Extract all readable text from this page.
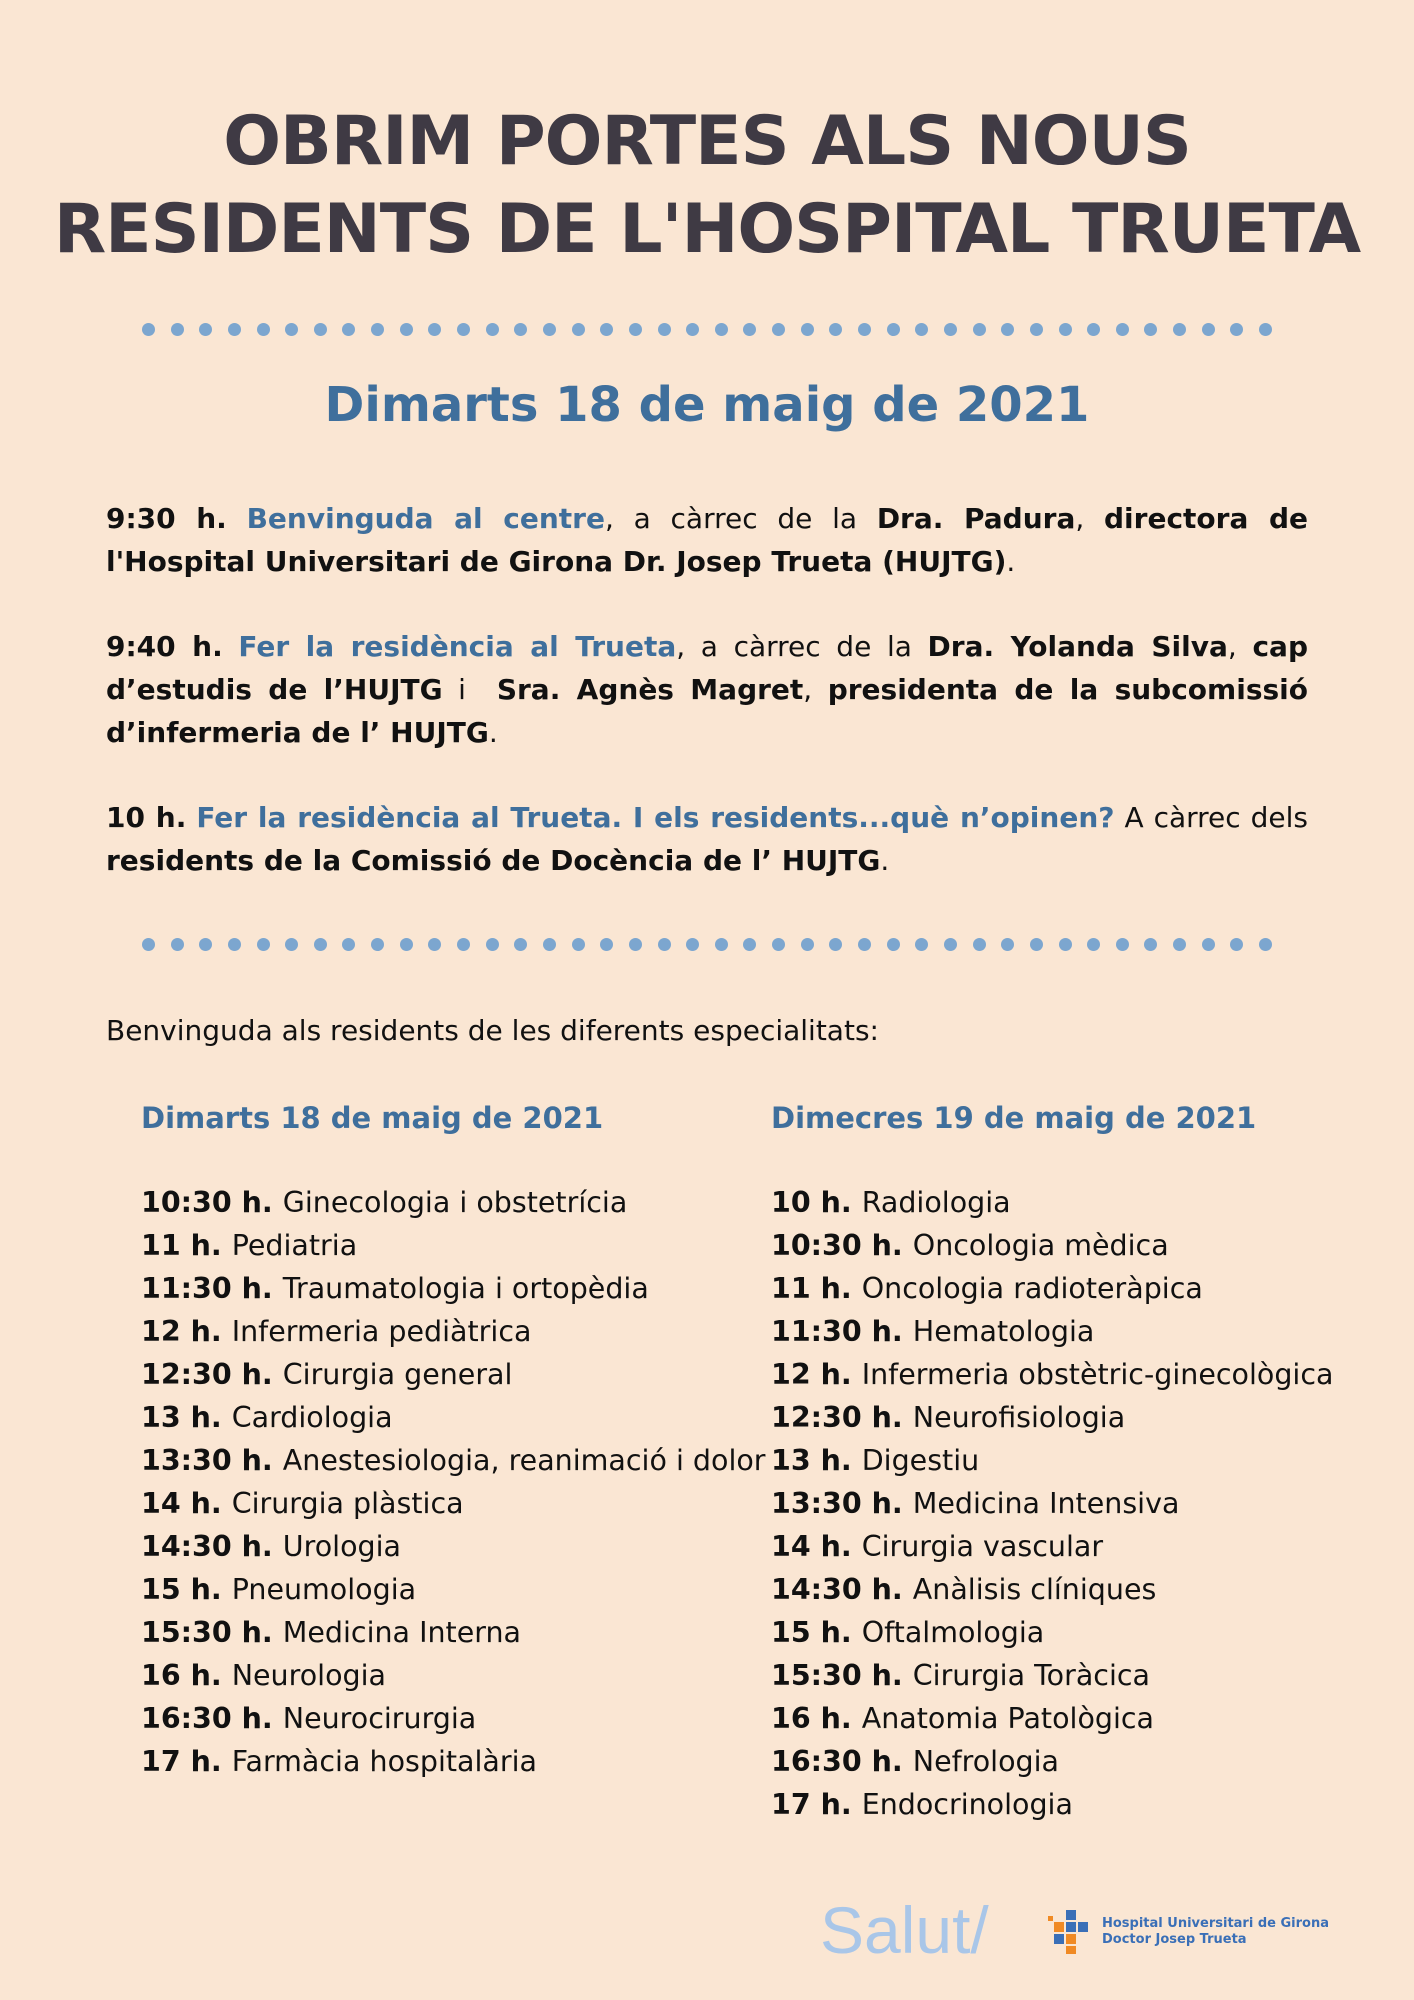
OBRIM PORTES ALS NOUS
RESIDENTS DE L'HOSPITAL TRUETA
Dimarts 18 de maig de 2021
9:30 h. Benvinguda al centre, a càrrec de la Dra. Padura, directora de l'Hospital Universitari de Girona Dr. Josep Trueta (HUJTG).
9:40 h. Fer la residència al Trueta, a càrrec de la Dra. Yolanda Silva, cap d’estudis de l’HUJTG i  Sra. Agnès Magret, presidenta de la subcomissió d’infermeria de l’ HUJTG.
10 h. Fer la residència al Trueta. I els residents...què n’opinen? A càrrec dels residents de la Comissió de Docència de l’ HUJTG.
Benvinguda als residents de les diferents especialitats:
Dimarts 18 de maig de 2021
10:30 h. Ginecologia i obstetrícia
11 h. Pediatria
11:30 h. Traumatologia i ortopèdia
12 h. Infermeria pediàtrica
12:30 h. Cirurgia general
13 h. Cardiologia
13:30 h. Anestesiologia, reanimació i dolor
14 h. Cirurgia plàstica
14:30 h. Urologia
15 h. Pneumologia
15:30 h. Medicina Interna
16 h. Neurologia
16:30 h. Neurocirurgia
17 h. Farmàcia hospitalària
Dimecres 19 de maig de 2021
10 h. Radiologia
10:30 h. Oncologia mèdica
11 h. Oncologia radioteràpica
11:30 h. Hematologia
12 h. Infermeria obstètric-ginecològica
12:30 h. Neurofisiologia
13 h. Digestiu
13:30 h. Medicina Intensiva
14 h. Cirurgia vascular
14:30 h. Anàlisis clíniques
15 h. Oftalmologia
15:30 h. Cirurgia Toràcica
16 h. Anatomia Patològica
16:30 h. Nefrologia
17 h. Endocrinologia
Salut/	Hospital Universitari de Girona
Doctor Josep Trueta
